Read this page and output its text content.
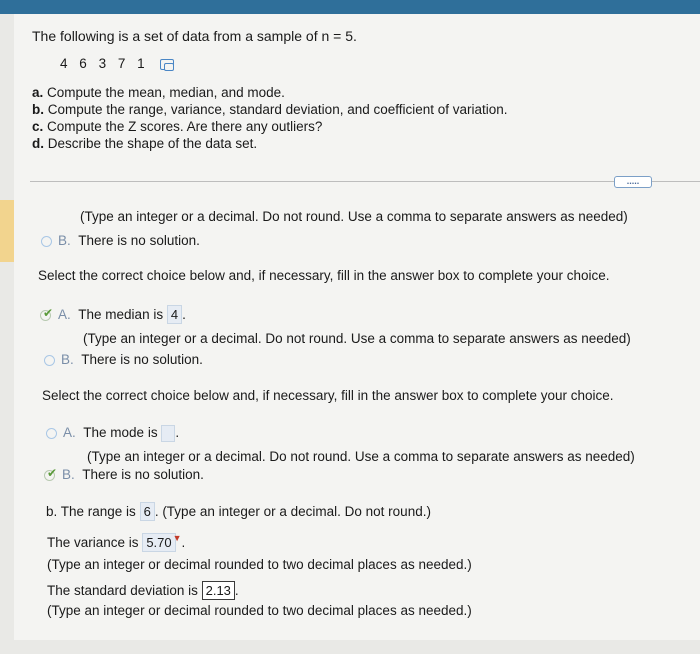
The following is a set of data from a sample of n = 5.
4 6 3 7 1
a. Compute the mean, median, and mode.
b. Compute the range, variance, standard deviation, and coefficient of variation.
c. Compute the Z scores. Are there any outliers?
d. Describe the shape of the data set.
.....
(Type an integer or a decimal. Do not round. Use a comma to separate answers as needed)
B. There is no solution.
Select the correct choice below and, if necessary, fill in the answer box to complete your choice.
✔A. The median is 4 .
(Type an integer or a decimal. Do not round. Use a comma to separate answers as needed)
B. There is no solution.
Select the correct choice below and, if necessary, fill in the answer box to complete your choice.
A. The mode is .
(Type an integer or a decimal. Do not round. Use a comma to separate answers as needed)
✔B. There is no solution.
b. The range is 6 . (Type an integer or a decimal. Do not round.)
The variance is 5.70▼.
(Type an integer or decimal rounded to two decimal places as needed.)
The standard deviation is 2.13 .
(Type an integer or decimal rounded to two decimal places as needed.)
